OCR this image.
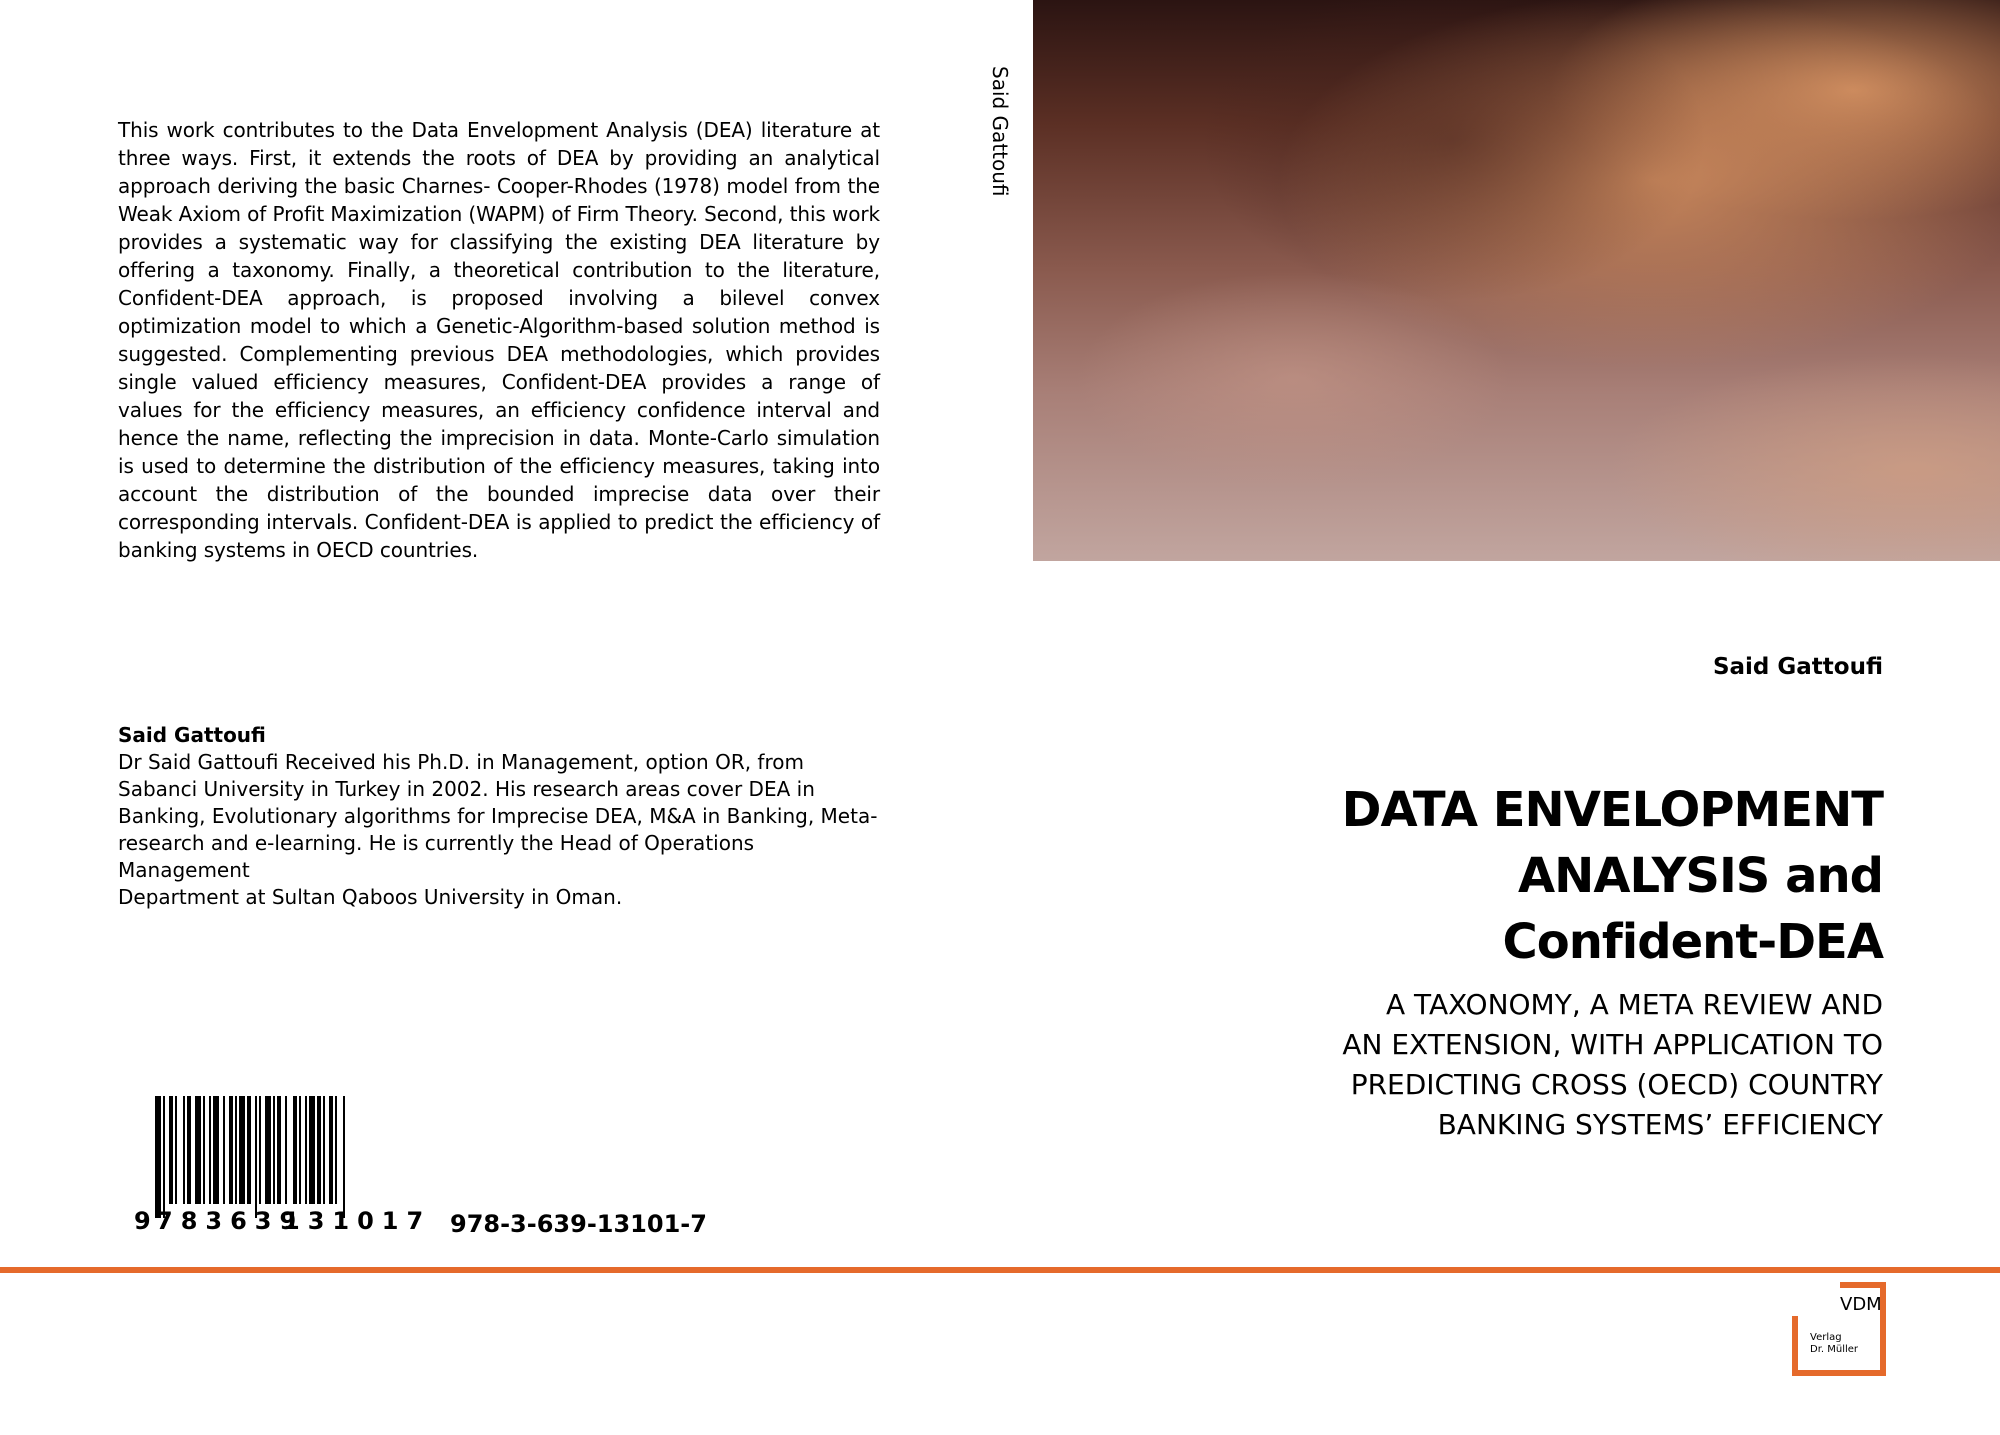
This work contributes to the Data Envelopment Analysis (DEA) literature at three ways. First, it extends the roots of DEA by providing an analytical approach deriving the basic Charnes- Cooper-Rhodes (1978) model from the Weak Axiom of Profit Maximization (WAPM) of Firm Theory. Second, this work provides a systematic way for classifying the existing DEA literature by offering a taxonomy. Finally, a theoretical contribution to the literature, Confident-DEA approach, is proposed involving a bilevel convex optimization model to which a Genetic-Algorithm-based solution method is suggested. Complementing previous DEA methodologies, which provides single valued efficiency measures, Confident-DEA provides a range of values for the efficiency measures, an efficiency confidence interval and hence the name, reflecting the imprecision in data. Monte-Carlo simulation is used to determine the distribution of the efficiency measures, taking into account the distribution of the bounded imprecise data over their corresponding intervals. Confident-DEA is applied to predict the efficiency of banking systems in OECD countries.
Said Gattoufi
Dr Said Gattoufi Received his Ph.D. in Management, option OR, from
Sabanci University in Turkey in 2002. His research areas cover DEA in
Banking, Evolutionary algorithms for Imprecise DEA, M&A in Banking, Meta-
research and e-learning. He is currently the Head of Operations Management
Department at Sultan Qaboos University in Oman.
Said Gattoufi
Said Gattoufi
DATA ENVELOPMENT
ANALYSIS and
Confident-DEA
A TAXONOMY, A META REVIEW AND
AN EXTENSION, WITH APPLICATION TO
PREDICTING CROSS (OECD) COUNTRY
BANKING SYSTEMS’ EFFICIENCY
9 783639
131017 978-3-639-13101-7
VDM
Verlag
Dr. Müller
